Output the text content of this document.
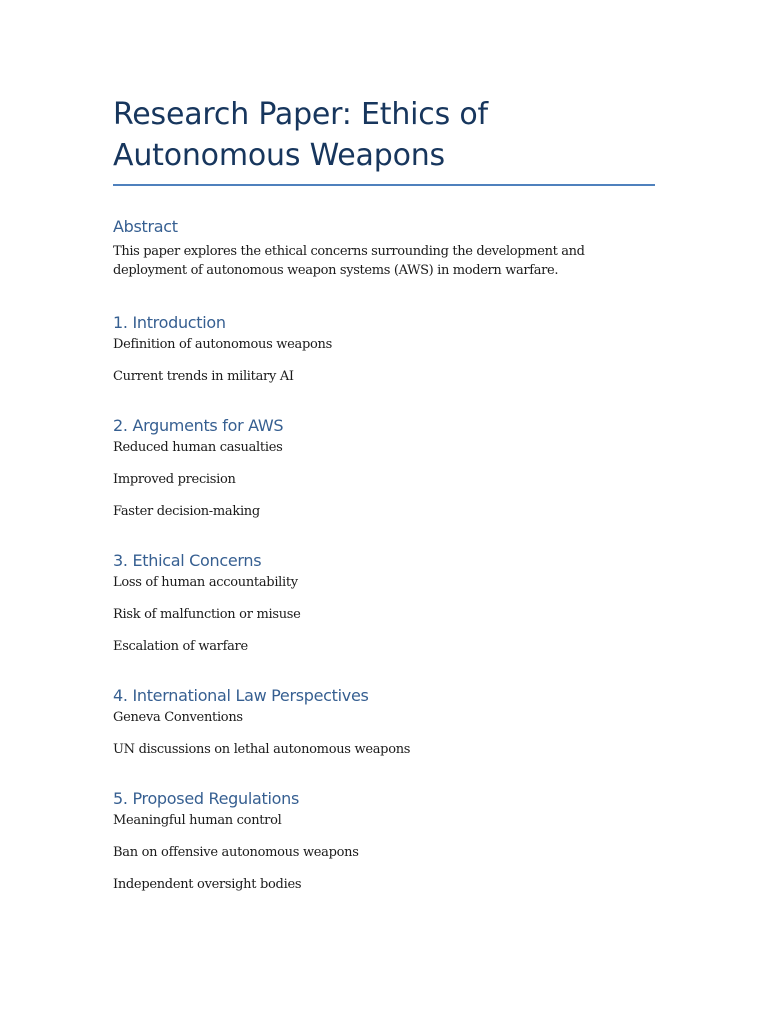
Research Paper: Ethics of Autonomous Weapons
Abstract

This paper explores the ethical concerns surrounding the development and deployment of autonomous weapon systems (AWS) in modern warfare.

1. Introduction
Definition of autonomous weapons
Current trends in military AI
2. Arguments for AWS
Reduced human casualties
Improved precision
Faster decision-making
3. Ethical Concerns
Loss of human accountability
Risk of malfunction or misuse
Escalation of warfare
4. International Law Perspectives
Geneva Conventions
UN discussions on lethal autonomous weapons
5. Proposed Regulations
Meaningful human control
Ban on offensive autonomous weapons
Independent oversight bodies
